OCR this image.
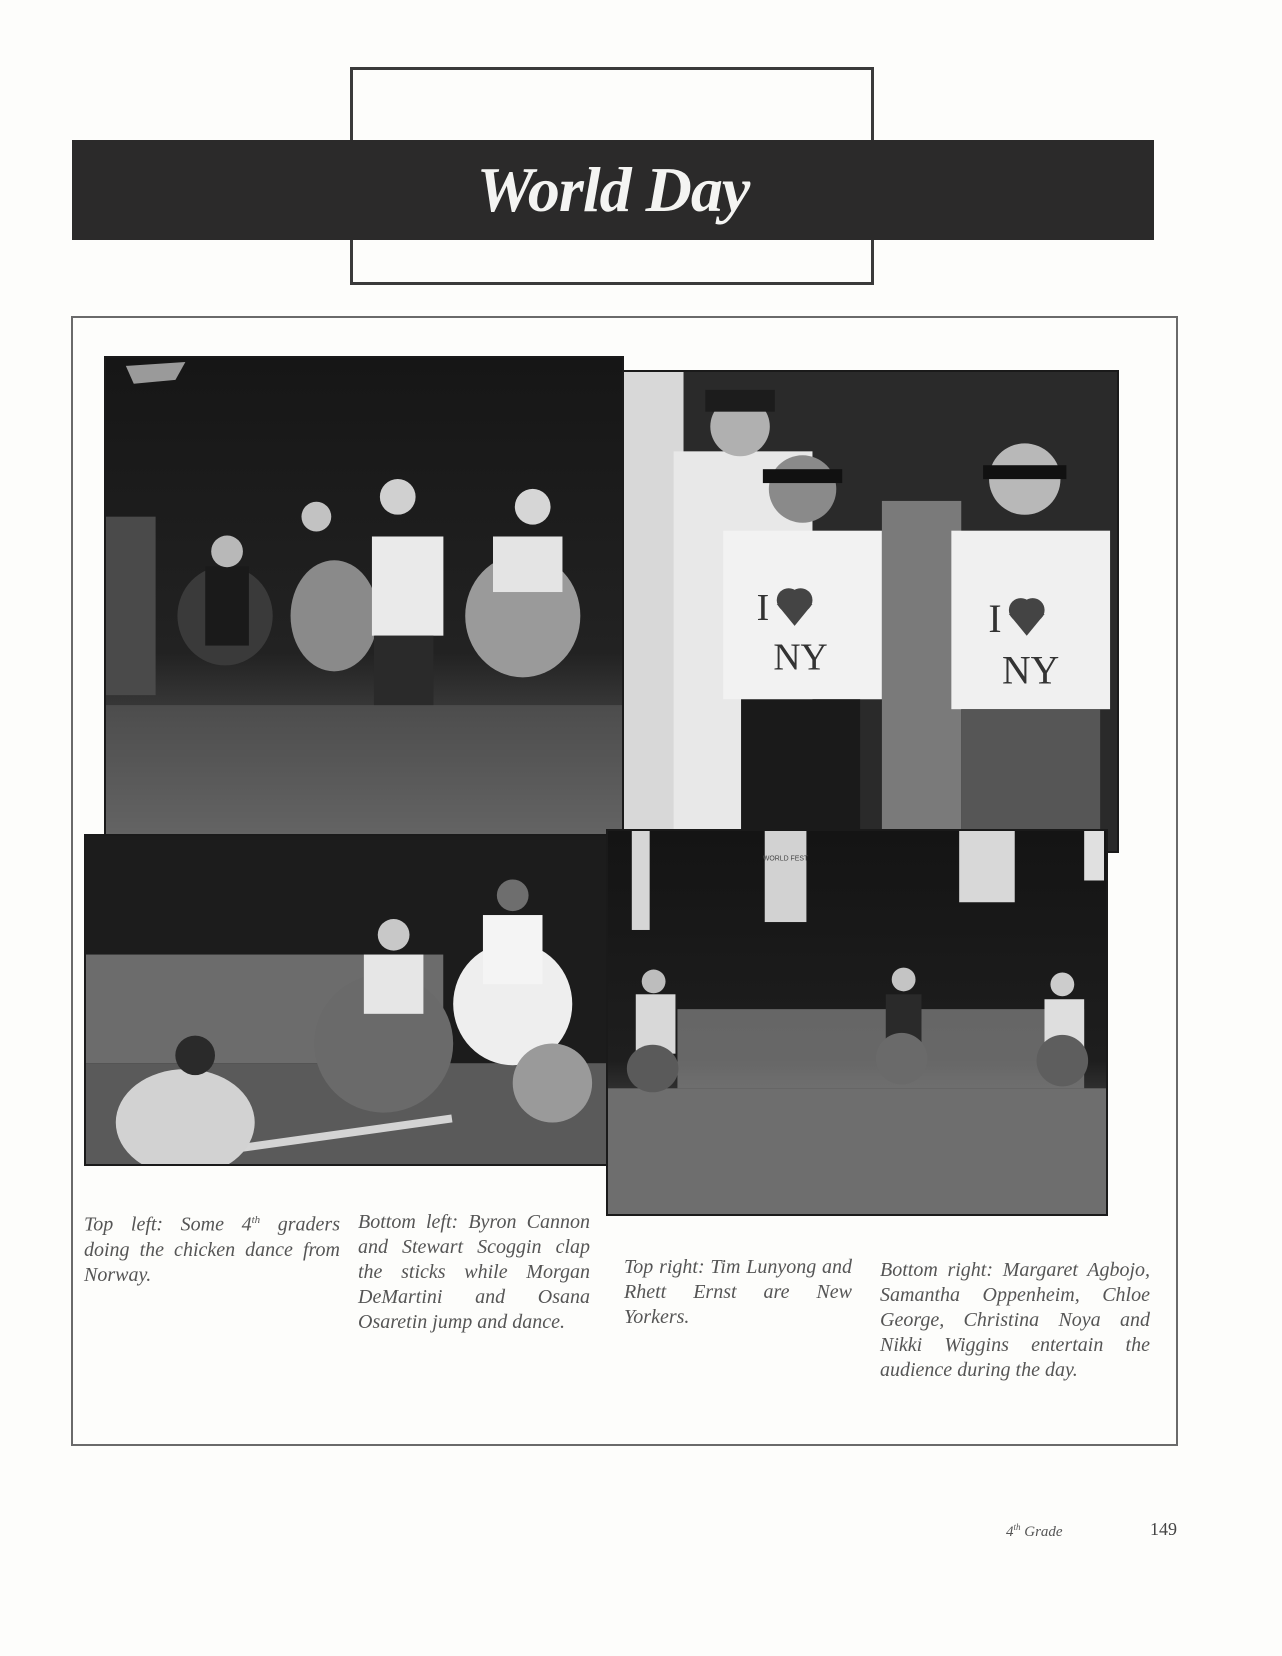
World Day
I
NY
I
NY
WORLD FEST

Top left: Some 4th graders doing the chicken dance from Norway.

Bottom left: Byron Cannon and Stewart Scoggin clap the sticks while Morgan DeMartini and Osana Osaretin jump and dance.

Top right: Tim Lunyong and Rhett Ernst are New Yorkers.

Bottom right: Margaret Agbojo, Samantha Oppenheim, Chloe George, Christina Noya and Nikki Wiggins entertain the audience during the day.

4th Grade	149
